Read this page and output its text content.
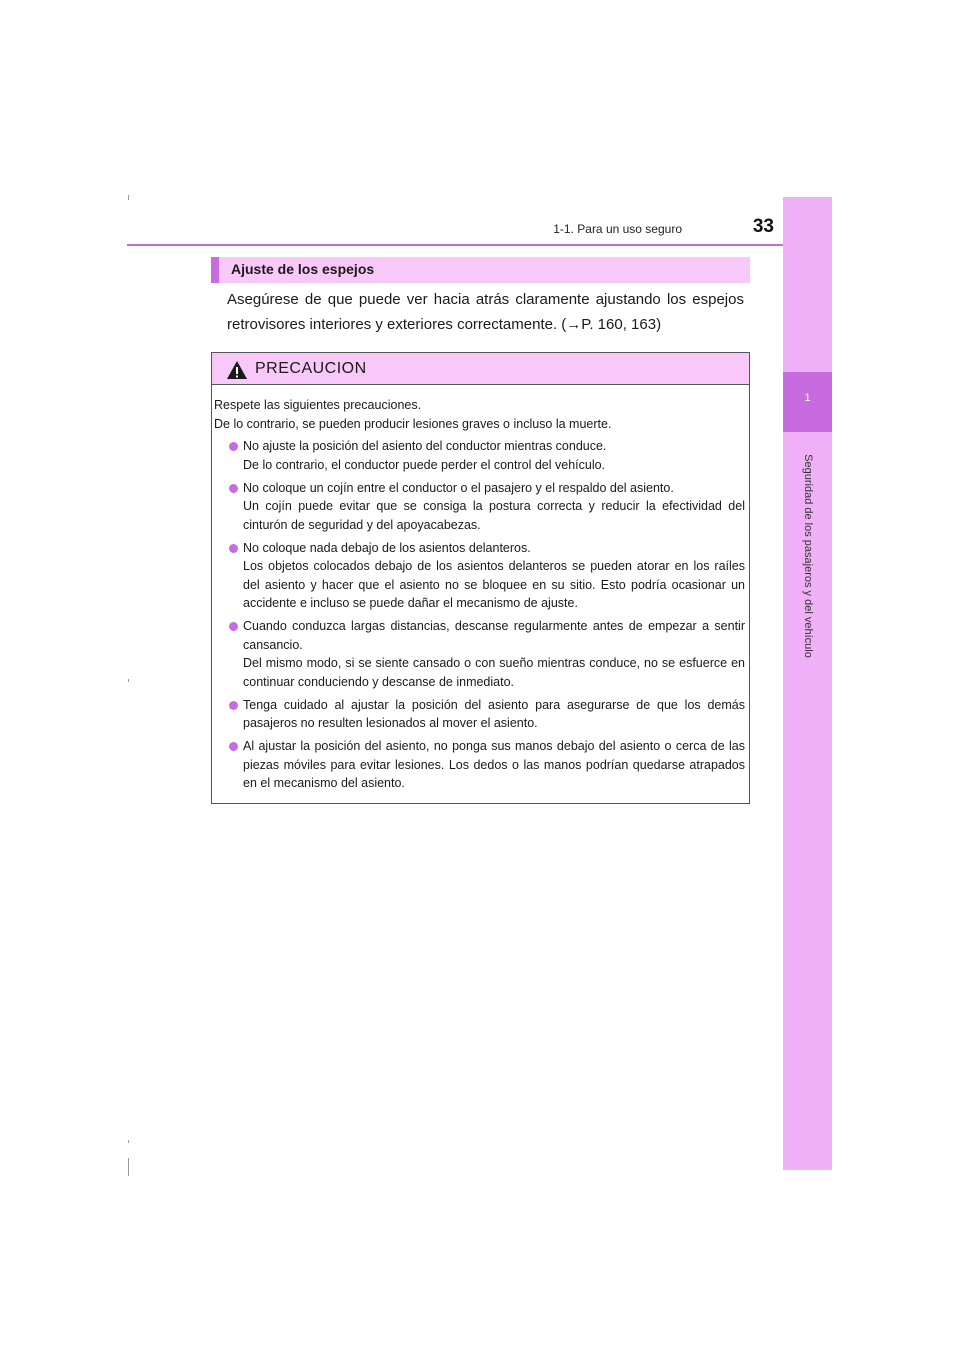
1-1. Para un uso seguro	33
1
Seguridad de los pasajeros y del vehículo
Ajuste de los espejos
Asegúrese de que puede ver hacia atrás claramente ajustando los espejos retrovisores interiores y exteriores correctamente. (→P. 160, 163)
PRECAUCION

Respete las siguientes precauciones.
De lo contrario, se pueden producir lesiones graves o incluso la muerte.

No ajuste la posición del asiento del conductor mientras conduce.
De lo contrario, el conductor puede perder el control del vehículo.
No coloque un cojín entre el conductor o el pasajero y el respaldo del asiento.
Un cojín puede evitar que se consiga la postura correcta y reducir la efectividad del cinturón de seguridad y del apoyacabezas.
No coloque nada debajo de los asientos delanteros.
Los objetos colocados debajo de los asientos delanteros se pueden atorar en los raíles del asiento y hacer que el asiento no se bloquee en su sitio. Esto podría ocasionar un accidente e incluso se puede dañar el mecanismo de ajuste.
Cuando conduzca largas distancias, descanse regularmente antes de empezar a sentir cansancio.
Del mismo modo, si se siente cansado o con sueño mientras conduce, no se esfuerce en continuar conduciendo y descanse de inmediato.
Tenga cuidado al ajustar la posición del asiento para asegurarse de que los demás pasajeros no resulten lesionados al mover el asiento.
Al ajustar la posición del asiento, no ponga sus manos debajo del asiento o cerca de las piezas móviles para evitar lesiones. Los dedos o las manos podrían quedarse atrapados en el mecanismo del asiento.
